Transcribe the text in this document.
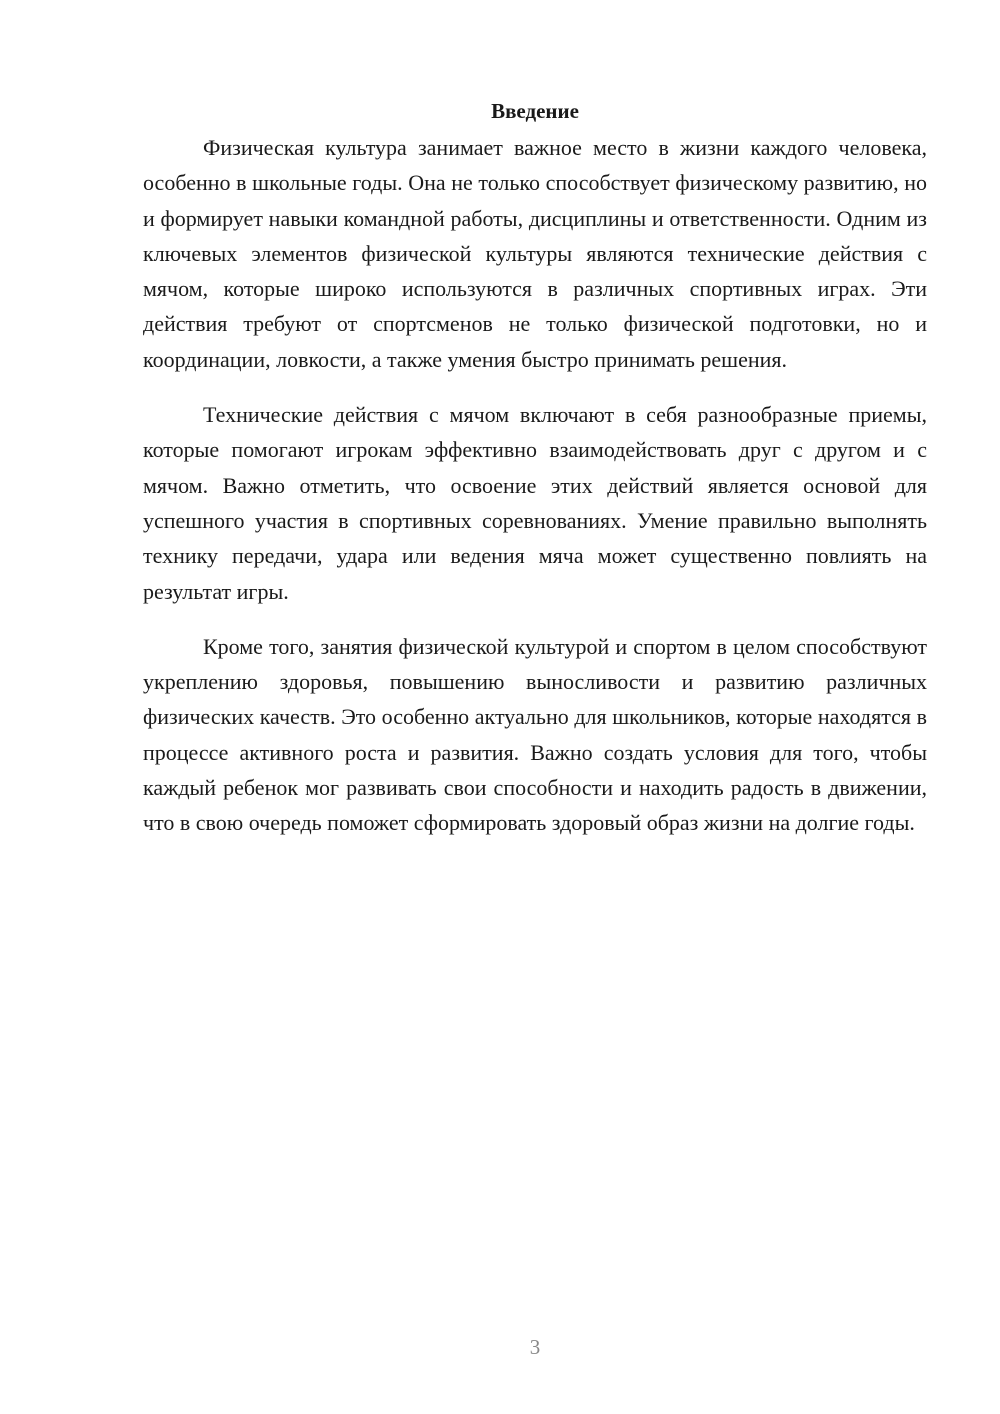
Введение

Физическая культура занимает важное место в жизни каждого человека, особенно в школьные годы. Она не только способствует физическому развитию, но и формирует навыки командной работы, дисциплины и ответственности. Одним из ключевых элементов физической культуры являются технические действия с мячом, которые широко используются в различных спортивных играх. Эти действия требуют от спортсменов не только физической подготовки, но и координации, ловкости, а также умения быстро принимать решения.

Технические действия с мячом включают в себя разнообразные приемы, которые помогают игрокам эффективно взаимодействовать друг с другом и с мячом. Важно отметить, что освоение этих действий является основой для успешного участия в спортивных соревнованиях. Умение правильно выполнять технику передачи, удара или ведения мяча может существенно повлиять на результат игры.

Кроме того, занятия физической культурой и спортом в целом способствуют укреплению здоровья, повышению выносливости и развитию различных физических качеств. Это особенно актуально для школьников, которые находятся в процессе активного роста и развития. Важно создать условия для того, чтобы каждый ребенок мог развивать свои способности и находить радость в движении, что в свою очередь поможет сформировать здоровый образ жизни на долгие годы.

3
